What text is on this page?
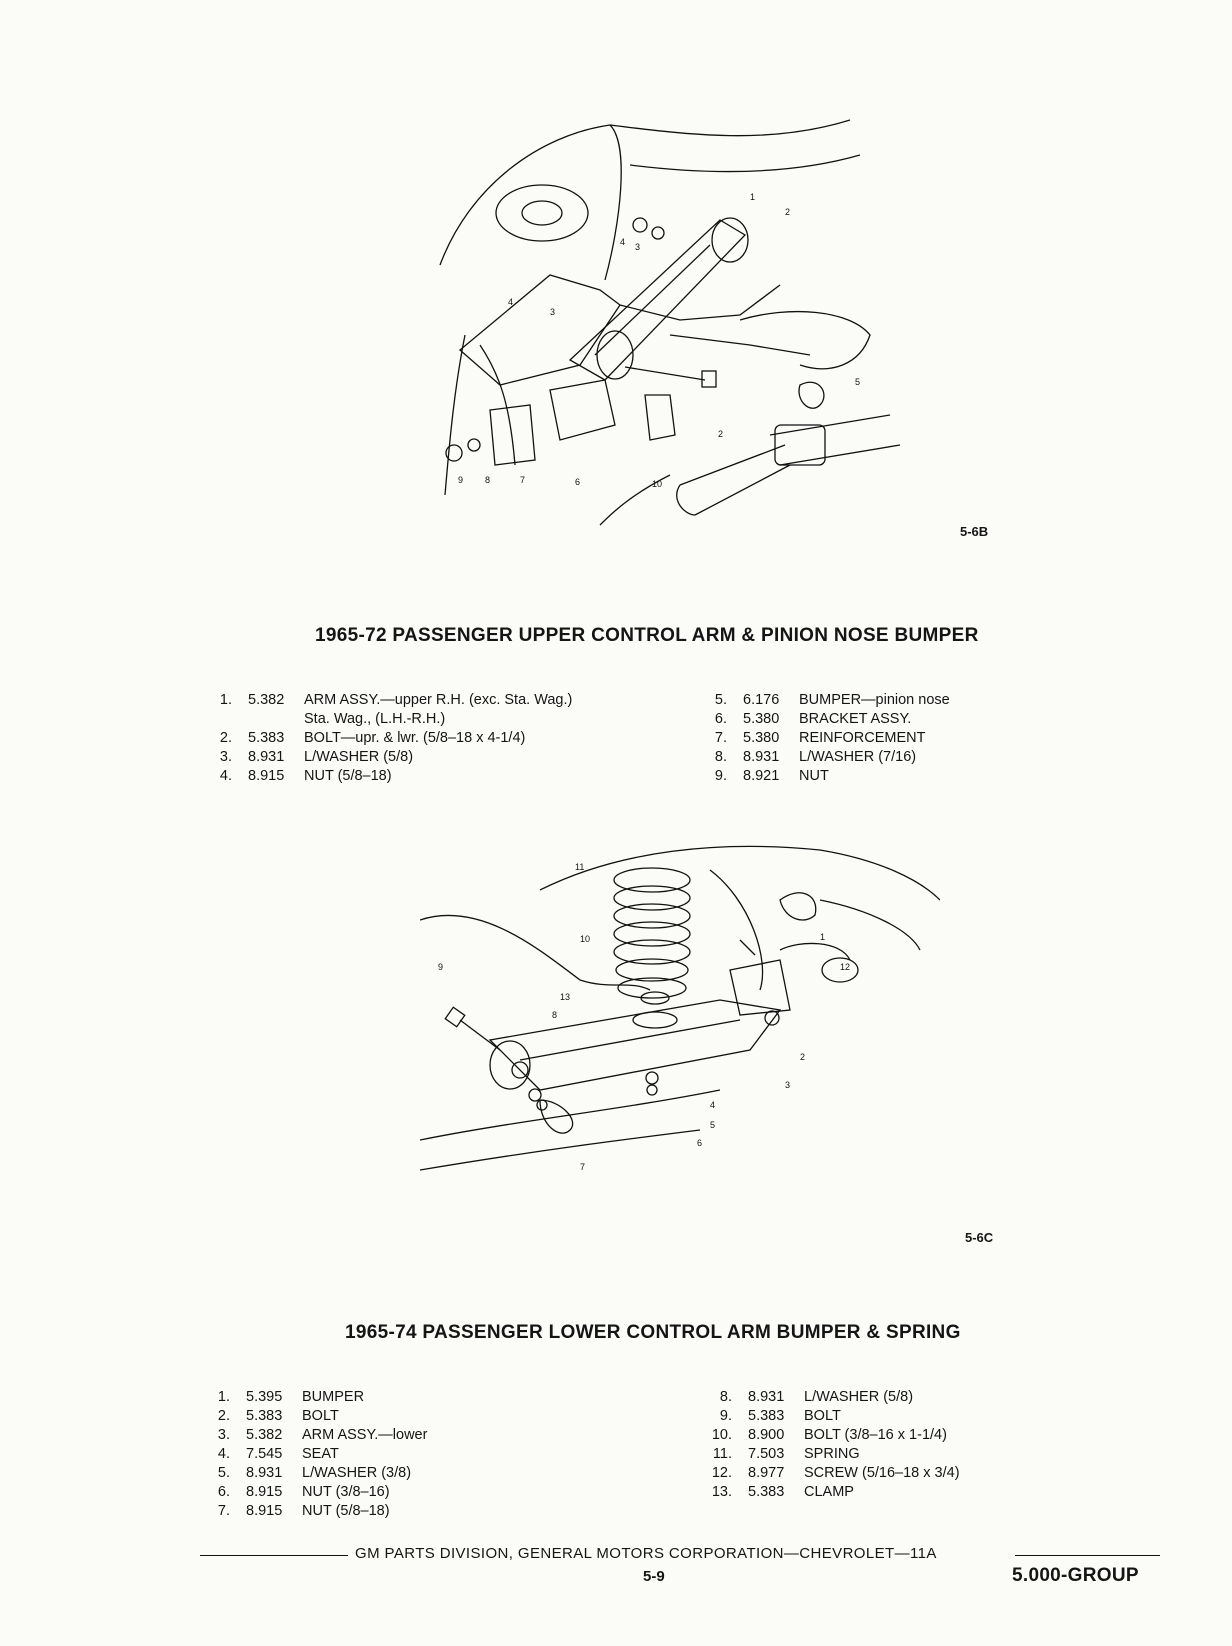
1
2
3
4
3
4
2
5
6
7
8
9	10
5-6B
1965-72 PASSENGER UPPER CONTROL ARM & PINION NOSE BUMPER
1.	5.382	ARM ASSY.—upper R.H. (exc. Sta. Wag.)
Sta. Wag., (L.H.-R.H.)
2.	5.383	BOLT—upr. & lwr. (5/8–18 x 4-1/4)
3.	8.931	L/WASHER (5/8)
4.	8.915	NUT (5/8–18)
5.	6.176	BUMPER—pinion nose
6.	5.380	BRACKET ASSY.
7.	5.380	REINFORCEMENT
8.	8.931	L/WASHER (7/16)
9.	8.921	NUT
11
10
9
13
8
1
12
2
3
4
5
6
7
5-6C
1965-74 PASSENGER LOWER CONTROL ARM BUMPER & SPRING
1.	5.395	BUMPER
2.	5.383	BOLT
3.	5.382	ARM ASSY.—lower
4.	7.545	SEAT
5.	8.931	L/WASHER (3/8)
6.	8.915	NUT (3/8–16)
7.	8.915	NUT (5/8–18)
8.	8.931	L/WASHER (5/8)
9.	5.383	BOLT
10.	8.900	BOLT (3/8–16 x 1-1/4)
11.	7.503	SPRING
12.	8.977	SCREW (5/16–18 x 3/4)
13.	5.383	CLAMP
GM PARTS DIVISION, GENERAL MOTORS CORPORATION—CHEVROLET—11A
5-9	5.000-GROUP
